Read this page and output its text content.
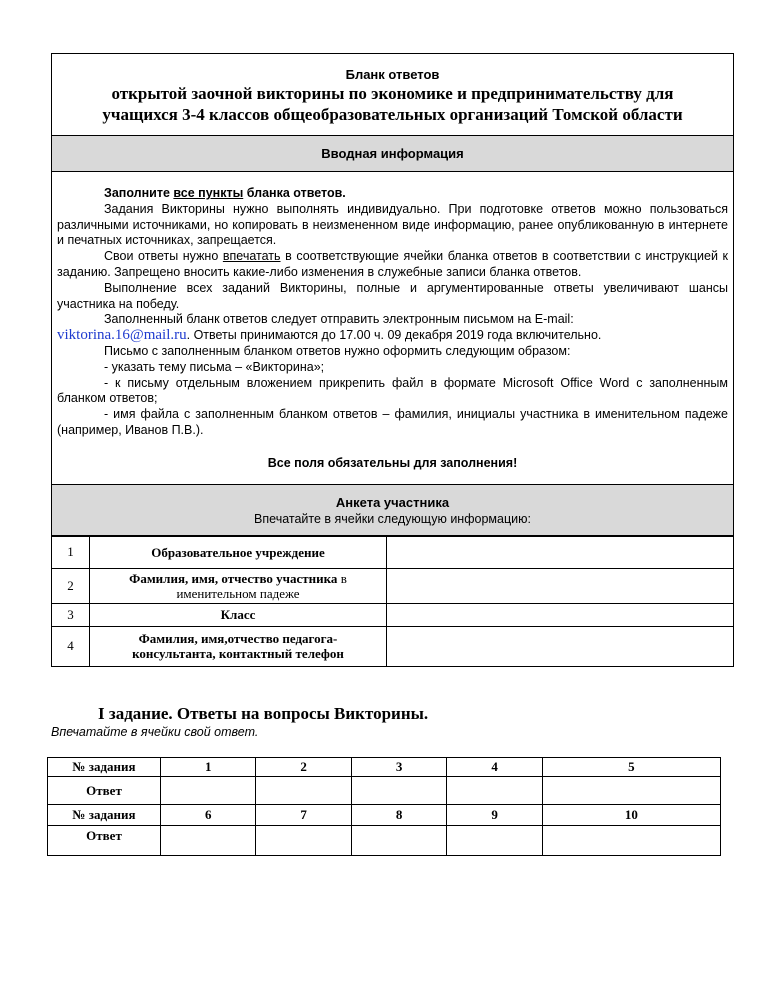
Бланк ответов
открытой заочной викторины по экономике и предпринимательству для
учащихся 3-4 классов общеобразовательных организаций Томской области
Вводная информация

Заполните все пункты бланка ответов.

Задания Викторины нужно выполнять индивидуально. При подготовке ответов можно пользоваться различными источниками, но копировать в неизмененном виде информацию, ранее опубликованную в интернете и печатных источниках, запрещается.

Свои ответы нужно впечатать в соответствующие ячейки бланка ответов в соответствии с инструкцией к заданию. Запрещено вносить какие-либо изменения в служебные записи бланка ответов.

Выполнение всех заданий Викторины, полные и аргументированные ответы увеличивают шансы участника на победу.

Заполненный бланк ответов следует отправить электронным письмом на E-mail:

viktorina.16@mail.ru. Ответы принимаются до 17.00 ч. 09 декабря 2019 года включительно.

Письмо с заполненным бланком ответов нужно оформить следующим образом:

- указать тему письма – «Викторина»;

- к письму отдельным вложением прикрепить файл в формате Microsoft Office Word с заполненным бланком ответов;

- имя файла с заполненным бланком ответов – фамилия, инициалы участника в именительном падеже (например, Иванов П.В.).

Все поля обязательны для заполнения!
Анкета участника
Впечатайте в ячейки следующую информацию:
1	Образовательное учреждение	
2	Фамилия, имя, отчество участника в именительном падеже	
3	Класс	
4	Фамилия, имя,отчество педагога-консультанта, контактный телефон	
I задание. Ответы на вопросы Викторины.
Впечатайте в ячейки свой ответ.
№ задания	1	2	3	4	5
Ответ					
№ задания	6	7	8	9	10
Ответ					
